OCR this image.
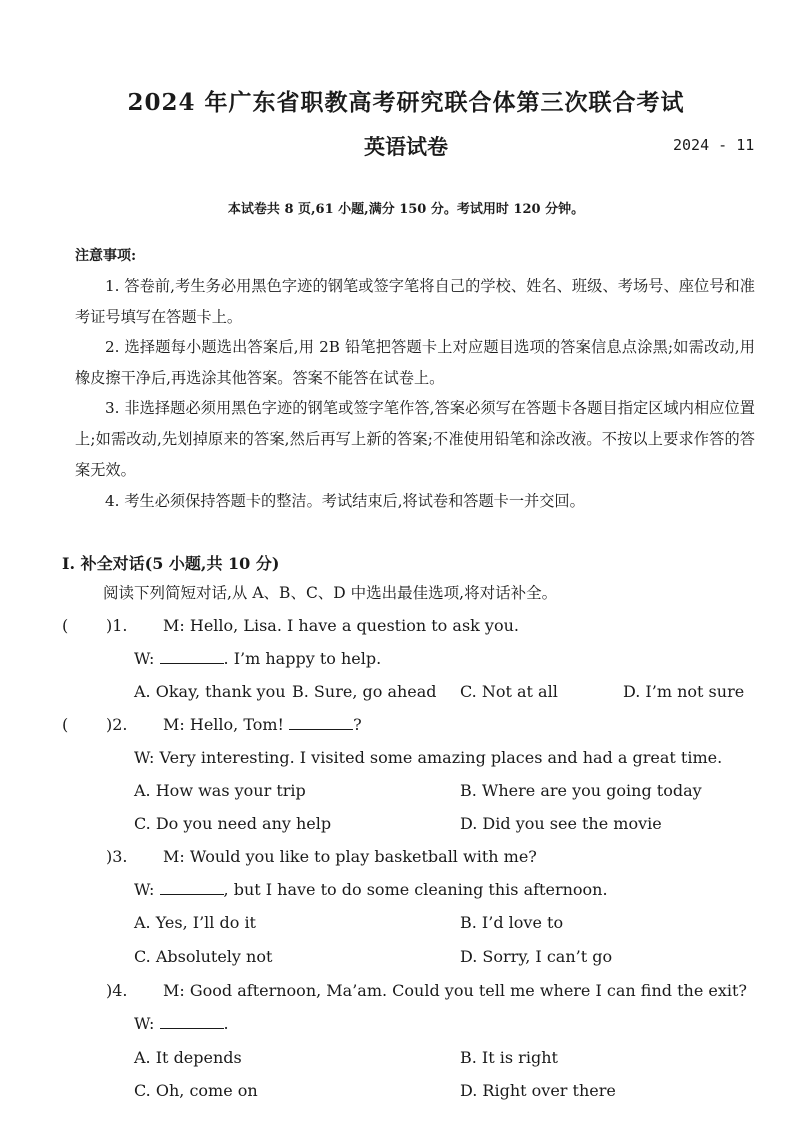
2024 年广东省职教高考研究联合体第三次联合考试
英语试卷	2024 - 11
本试卷共 8 页,61 小题,满分 150 分。考试用时 120 分钟。
注意事项:
1. 答卷前,考生务必用黑色字迹的钢笔或签字笔将自己的学校、姓名、班级、考场号、座位号和准考证号填写在答题卡上。
2. 选择题每小题选出答案后,用 2B 铅笔把答题卡上对应题目选项的答案信息点涂黑;如需改动,用橡皮擦干净后,再选涂其他答案。答案不能答在试卷上。
3. 非选择题必须用黑色字迹的钢笔或签字笔作答,答案必须写在答题卡各题目指定区域内相应位置上;如需改动,先划掉原来的答案,然后再写上新的答案;不准使用铅笔和涂改液。不按以上要求作答的答案无效。
4. 考生必须保持答题卡的整洁。考试结束后,将试卷和答题卡一并交回。
Ⅰ. 补全对话(5 小题,共 10 分)
阅读下列简短对话,从 A、B、C、D 中选出最佳选项,将对话补全。
( )1. M: Hello, Lisa. I have a question to ask you.
W:	. I’m happy to help.
A. Okay, thank you B. Sure, go ahead C. Not at all	D. I’m not sure
( )2. M: Hello, Tom!	?
W: Very interesting. I visited some amazing places and had a great time.
A. How was your trip	B. Where are you going today
C. Do you need any help	D. Did you see the movie
)3. M: Would you like to play basketball with me?
W:	, but I have to do some cleaning this afternoon.
A. Yes, I’ll do it	B. I’d love to
C. Absolutely not	D. Sorry, I can’t go
)4. M: Good afternoon, Ma’am. Could you tell me where I can find the exit?
W:	.
A. It depends	B. It is right
C. Oh, come on	D. Right over there
